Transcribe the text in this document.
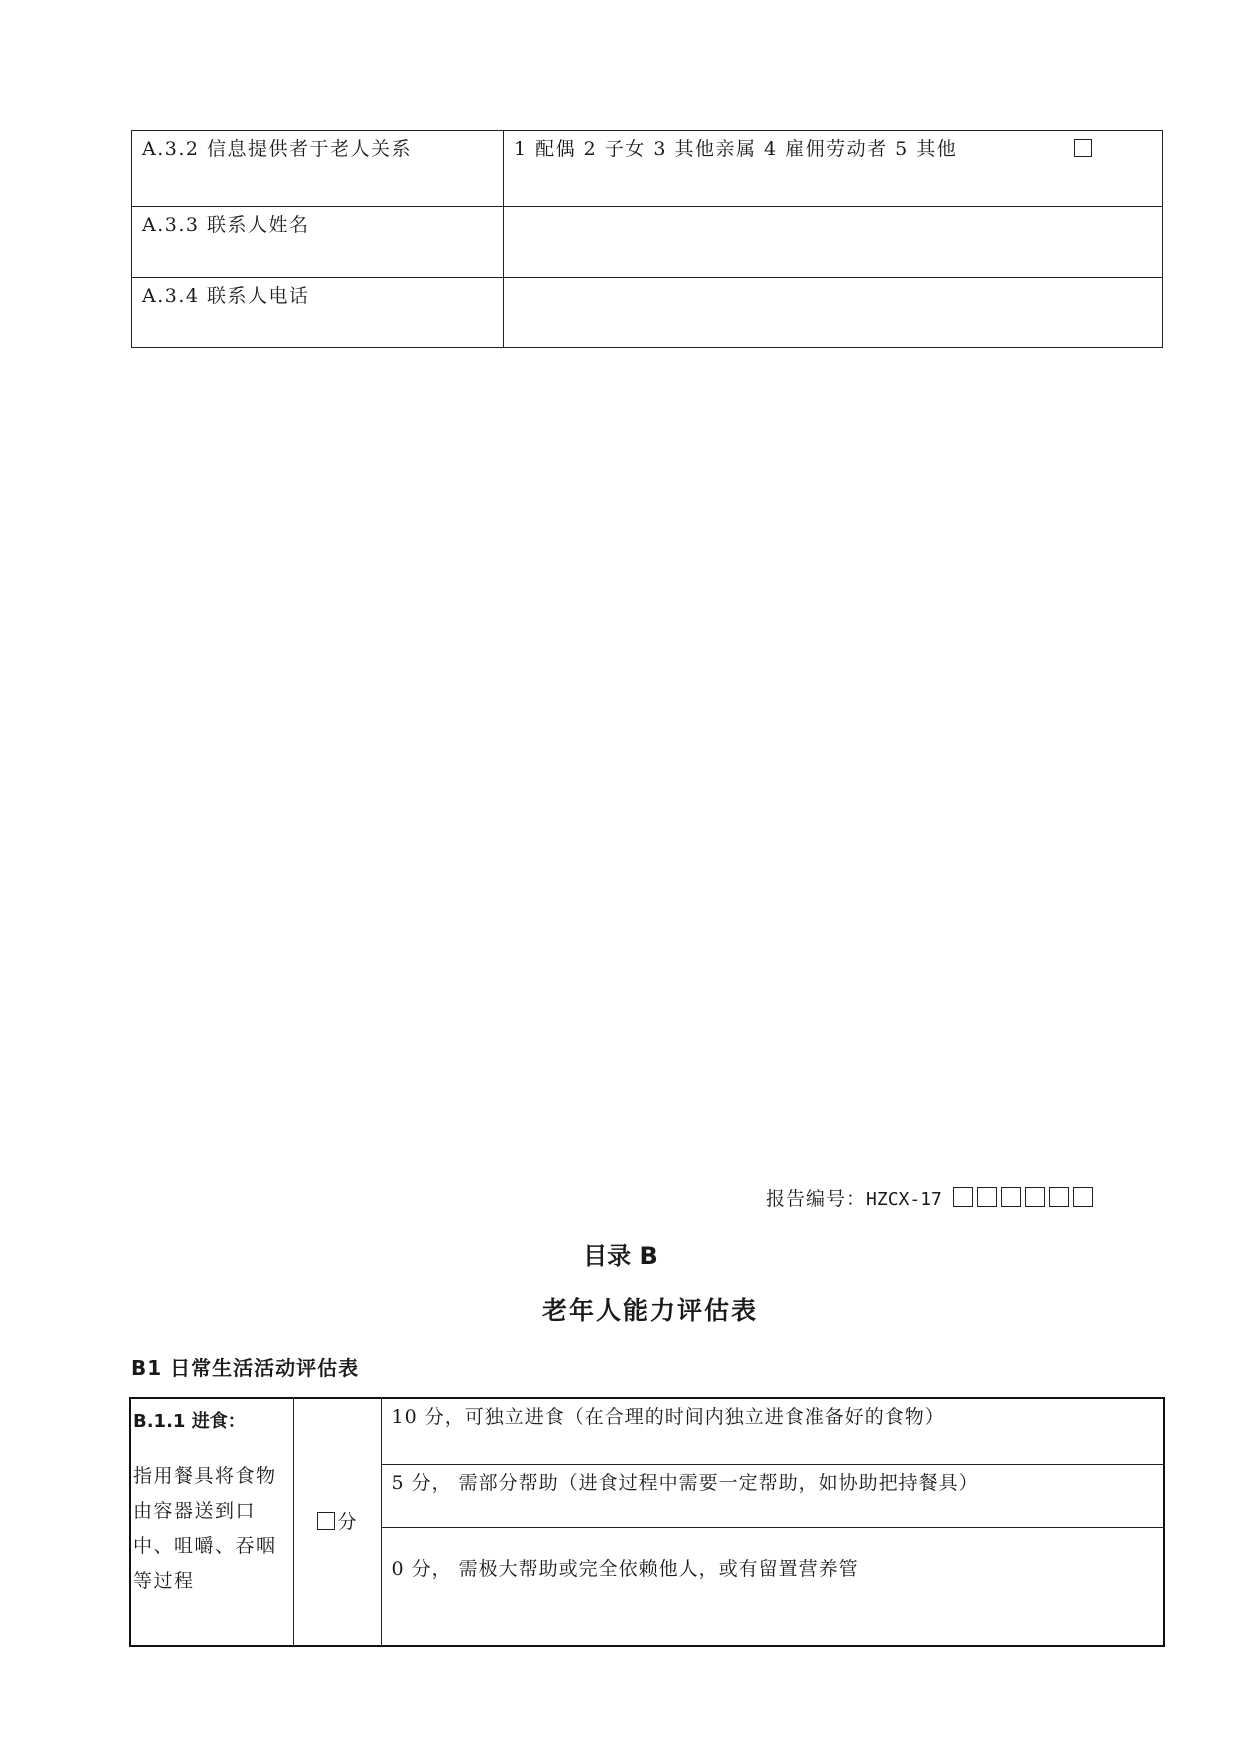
A.3.2 信息提供者于老人关系	1 配偶 2 子女 3 其他亲属 4 雇佣劳动者 5 其他

A.3.3 联系人姓名	
A.3.4 联系人电话	
报告编号：HZCX-17
目录 B
老年人能力评估表
B1 日常生活活动评估表
B.1.1 进食：
指用餐具将食物由容器送到口中、咀嚼、吞咽等过程
	分	10 分，可独立进食（在合理的时间内独立进食准备好的食物）
5 分， 需部分帮助（进食过程中需要一定帮助，如协助把持餐具）
0 分， 需极大帮助或完全依赖他人，或有留置营养管
